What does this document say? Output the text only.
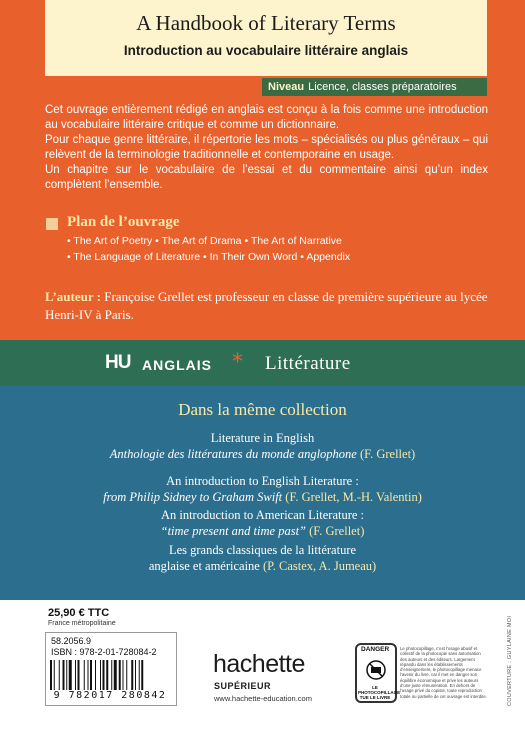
A Handbook of Literary Terms
Introduction au vocabulaire littéraire anglais
Niveau Licence, classes préparatoires

Cet ouvrage entièrement rédigé en anglais est conçu à la fois comme une introduction au vocabulaire littéraire critique et comme un dictionnaire.

Pour chaque genre littéraire, il répertorie les mots – spécialisés ou plus généraux – qui relèvent de la terminologie traditionnelle et contemporaine en usage.

Un chapitre sur le vocabulaire de l’essai et du commentaire ainsi qu’un index complètent l’ensemble.

Plan de l’ouvrage
• The Art of Poetry • The Art of Drama • The Art of Narrative
• The Language of Literature • In Their Own Word • Appendix
L’auteur : Françoise Grellet est professeur en classe de première supérieure au lycée Henri-IV à Paris.
HU ANGLAIS * Littérature
Dans la même collection
Literature in English
Anthologie des littératures du monde anglophone (F. Grellet)
An introduction to English Literature :
from Philip Sidney to Graham Swift (F. Grellet, M.-H. Valentin)
An introduction to American Literature :
“time present and time past” (F. Grellet)
Les grands classiques de la littérature
anglaise et américaine (P. Castex, A. Jumeau)
25,90 € TTC
France métropolitaine
58.2056.9
ISBN : 978-2-01-728084-2
9 782017 280842
hachette
SUPÉRIEUR
www.hachette-education.com
DANGER
LE PHOTOCOPILLAGE TUE LE LIVRE
Le photocopillage, c’est l’usage abusif et collectif de la photocopie sans autorisation des auteurs et des éditeurs. Largement répandu dans les établissements d’enseignement, le photocopillage menace l’avenir du livre, car il met en danger son équilibre économique et prive les auteurs d’une juste rémunération. En dehors de l’usage privé du copiste, toute reproduction totale ou partielle de cet ouvrage est interdite.	COUVERTURE : GUYLAINE MOI
